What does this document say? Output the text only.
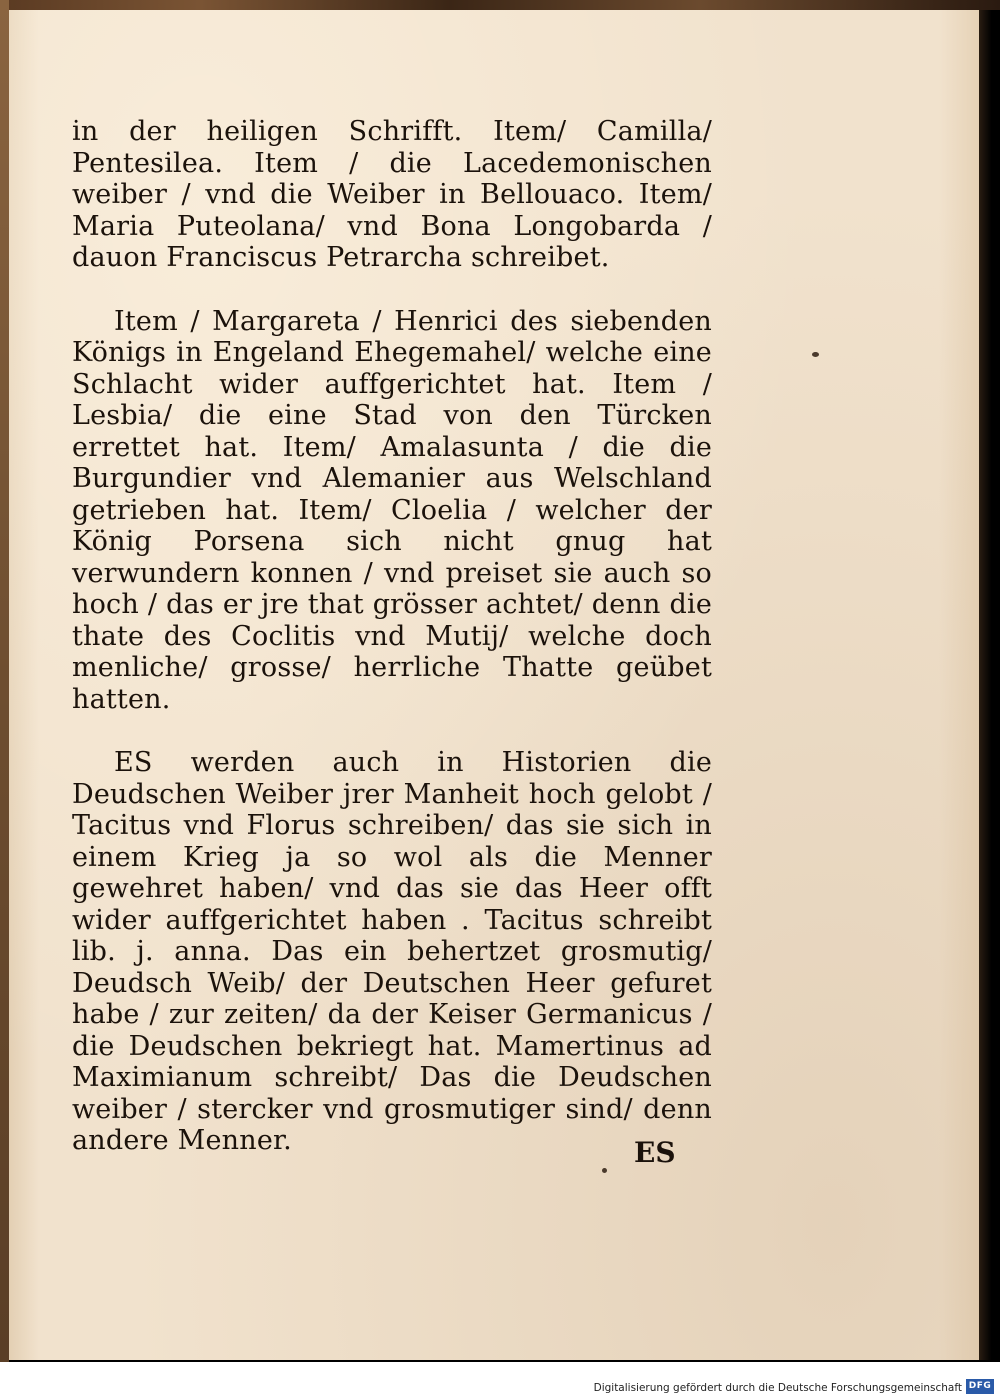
in der heiligen Schrifft. Item/ Camilla/ Pentesilea. Item / die Lacedemonischen weiber / vnd die Weiber in Bellouaco. Item/ Maria Puteolana/ vnd Bona Longobarda / dauon Franciscus Petrarcha schreibet.

Item / Margareta / Henrici des siebenden Königs in Engeland Ehegemahel/ welche eine Schlacht wider auffgerichtet hat. Item / Lesbia/ die eine Stad von den Türcken errettet hat. Item/ Amalasunta / die die Burgundier vnd Alemanier aus Welschland getrieben hat. Item/ Cloelia / welcher der König Porsena sich nicht gnug hat verwundern konnen / vnd preiset sie auch so hoch / das er jre that grösser achtet/ denn die thate des Coclitis vnd Mutij/ welche doch menliche/ grosse/ herrliche Thatte geübet hatten.

ES werden auch in Historien die Deudschen Weiber jrer Manheit hoch gelobt / Tacitus vnd Florus schreiben/ das sie sich in einem Krieg ja so wol als die Menner gewehret haben/ vnd das sie das Heer offt wider auffgerichtet haben . Tacitus schreibt lib. j. anna. Das ein behertzet grosmutig/ Deudsch Weib/ der Deutschen Heer gefuret habe / zur zeiten/ da der Keiser Germanicus / die Deudschen bekriegt hat. Mamertinus ad Maximianum schreibt/ Das die Deudschen weiber / stercker vnd grosmutiger sind/ denn andere Menner.	ES
Digitalisierung gefördert durch die Deutsche Forschungsgemeinschaft DFG
